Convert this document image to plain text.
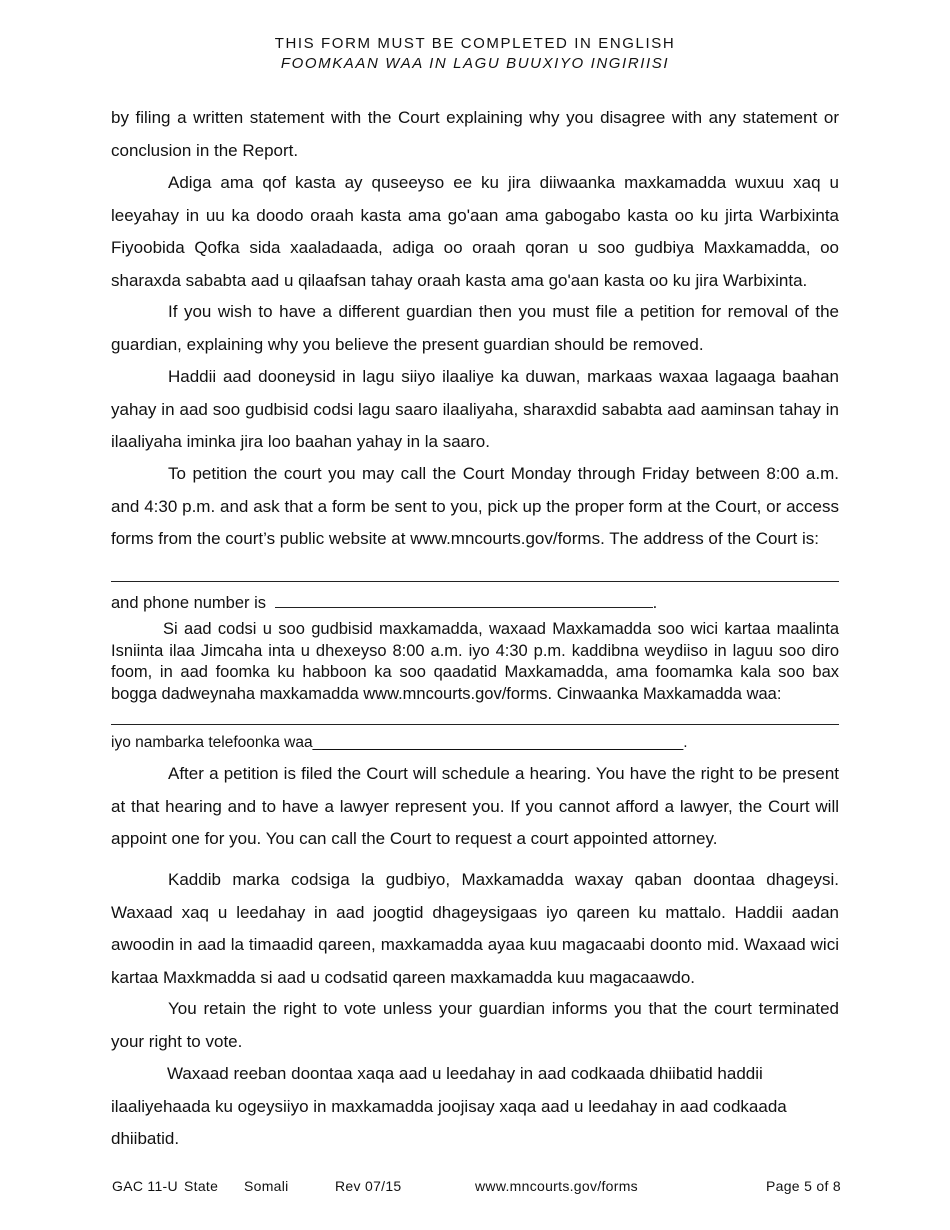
THIS FORM MUST BE COMPLETED IN ENGLISH
FOOMKAAN WAA IN LAGU BUUXIYO INGIRIISI

by filing a written statement with the Court explaining why you disagree with any statement or conclusion in the Report.

Adiga ama qof kasta ay quseeyso ee ku jira diiwaanka maxkamadda wuxuu xaq u leeyahay in uu ka doodo oraah kasta ama go'aan ama gabogabo kasta oo ku jirta Warbixinta Fiyoobida Qofka sida xaaladaada, adiga oo oraah qoran u soo gudbiya Maxkamadda, oo sharaxda sababta aad u qilaafsan tahay oraah kasta ama go'aan kasta oo ku jira Warbixinta.

If you wish to have a different guardian then you must file a petition for removal of the guardian, explaining why you believe the present guardian should be removed.

Haddii aad dooneysid in lagu siiyo ilaaliye ka duwan, markaas waxaa lagaaga baahan yahay in aad soo gudbisid codsi lagu saaro ilaaliyaha, sharaxdid sababta aad aaminsan tahay in ilaaliyaha iminka jira loo baahan yahay in la saaro.

To petition the court you may call the Court Monday through Friday between 8:00 a.m. and 4:30 p.m. and ask that a form be sent to you, pick up the proper form at the Court, or access forms from the court’s public website at www.mncourts.gov/forms. The address of the Court is:

and phone number is	.

Si aad codsi u soo gudbisid maxkamadda, waxaad Maxkamadda soo wici kartaa maalinta Isniinta ilaa Jimcaha inta u dhexeyso 8:00 a.m. iyo 4:30 p.m. kaddibna weydiiso in laguu soo diro foom, in aad foomka ku habboon ka soo qaadatid Maxkamadda, ama foomamka kala soo bax bogga dadweynaha maxkamadda www.mncourts.gov/forms. Cinwaanka Maxkamadda waa:

iyo nambarka telefoonka waa___________________________________________.

After a petition is filed the Court will schedule a hearing. You have the right to be present at that hearing and to have a lawyer represent you. If you cannot afford a lawyer, the Court will appoint one for you. You can call the Court to request a court appointed attorney.

Kaddib marka codsiga la gudbiyo, Maxkamadda waxay qaban doontaa dhageysi. Waxaad xaq u leedahay in aad joogtid dhageysigaas iyo qareen ku mattalo. Haddii aadan awoodin in aad la timaadid qareen, maxkamadda ayaa kuu magacaabi doonto mid. Waxaad wici kartaa Maxkmadda si aad u codsatid qareen maxkamadda kuu magacaawdo.

You retain the right to vote unless your guardian informs you that the court terminated your right to vote.

Waxaad reeban doontaa xaqa aad u leedahay in aad codkaada dhiibatid haddii
ilaaliyehaada ku ogeysiiyo in maxkamadda joojisay xaqa aad u leedahay in aad codkaada
dhiibatid.
GAC 11-U State Somali	Rev 07/15	www.mncourts.gov/forms	Page 5 of 8
